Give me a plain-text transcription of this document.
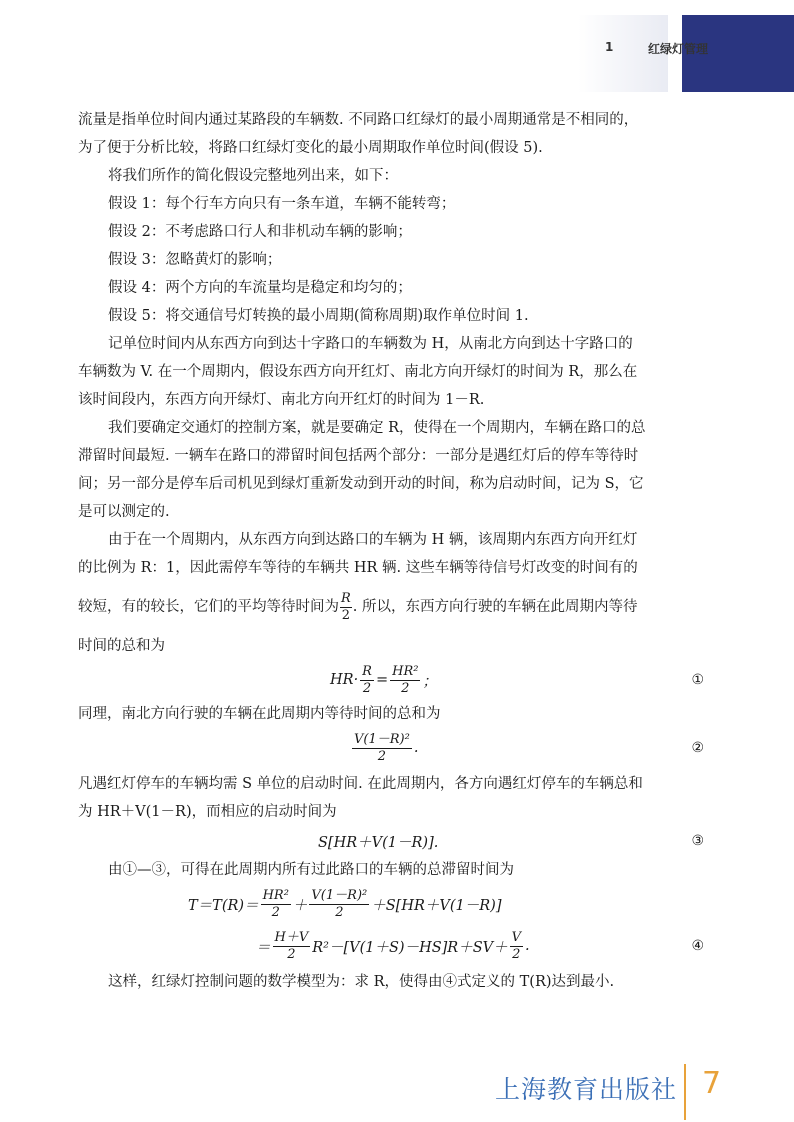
1	红绿灯管理
流量是指单位时间内通过某路段的车辆数. 不同路口红绿灯的最小周期通常是不相同的，
为了便于分析比较，将路口红绿灯变化的最小周期取作单位时间(假设 5).
将我们所作的简化假设完整地列出来，如下：
假设 1：每个行车方向只有一条车道，车辆不能转弯；
假设 2：不考虑路口行人和非机动车辆的影响；
假设 3：忽略黄灯的影响；
假设 4：两个方向的车流量均是稳定和均匀的；
假设 5：将交通信号灯转换的最小周期(简称周期)取作单位时间 1.
记单位时间内从东西方向到达十字路口的车辆数为 H，从南北方向到达十字路口的
车辆数为 V. 在一个周期内，假设东西方向开红灯、南北方向开绿灯的时间为 R，那么在
该时间段内，东西方向开绿灯、南北方向开红灯的时间为 1－R.
我们要确定交通灯的控制方案，就是要确定 R，使得在一个周期内，车辆在路口的总
滞留时间最短. 一辆车在路口的滞留时间包括两个部分：一部分是遇红灯后的停车等待时
间；另一部分是停车后司机见到绿灯重新发动到开动的时间，称为启动时间，记为 S，它
是可以测定的.
由于在一个周期内，从东西方向到达路口的车辆为 H 辆，该周期内东西方向开红灯
的比例为 R：1，因此需停车等待的车辆共 HR 辆. 这些车辆等待信号灯改变的时间有的
较短，有的较长，它们的平均等待时间为 $\frac{R}{2}$ . 所以，东西方向行驶的车辆在此周期内等待
时间的总和为
$HR\cdot \frac{R}{2} = \frac{\text{HR²}}{2}$ ；	①
同理，南北方向行驶的车辆在此周期内等待时间的总和为
$\frac{\text{V(1－R)²}}{2}$ .	②
凡遇红灯停车的车辆均需 S 单位的启动时间. 在此周期内，各方向遇红灯停车的车辆总和
为 HR＋V(1－R)，而相应的启动时间为
S[HR＋V(1－R)].	③
由①—③，可得在此周期内所有过此路口的车辆的总滞留时间为
$T=T(R)= \frac{\text{HR²}}{2} + \frac{\text{V(1－R)²}}{2} +S[HR+V(1-R)]$
＝ $\frac{H+V}{2} R^2-[V(1+S)-HS]R+SV+ \frac{V}{2}$ .	④
这样，红绿灯控制问题的数学模型为：求 R，使得由④式定义的 T(R)达到最小.
上海教育出版社 7
